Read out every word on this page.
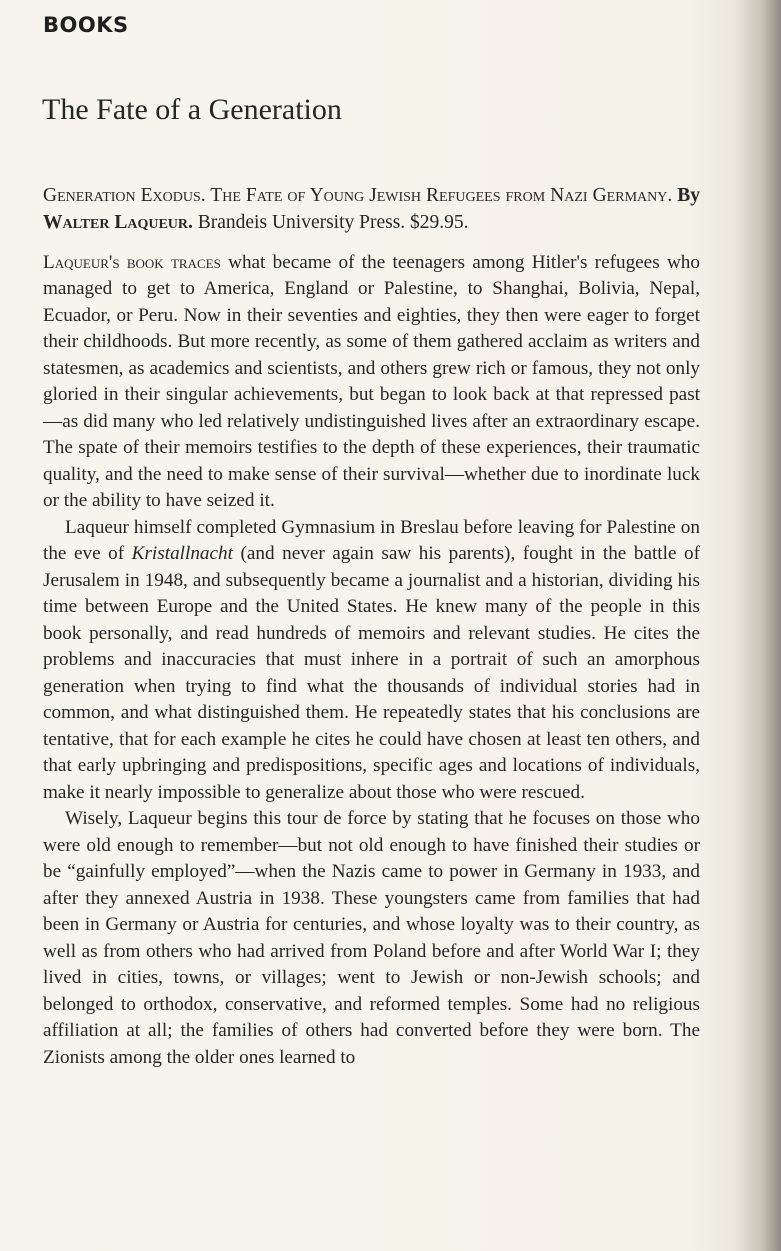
BOOKS
The Fate of a Generation

Generation Exodus. The Fate of Young Jewish Refugees from Nazi Germany. By Walter Laqueur. Brandeis University Press. $29.95.

Laqueur's book traces what became of the teenagers among Hitler's refugees who managed to get to America, England or Palestine, to Shanghai, Bolivia, Nepal, Ecuador, or Peru. Now in their seventies and eighties, they then were eager to forget their childhoods. But more recently, as some of them gathered acclaim as writers and statesmen, as academics and scientists, and others grew rich or famous, they not only gloried in their singular achievements, but began to look back at that repressed past—as did many who led relatively undistinguished lives after an extraordinary escape. The spate of their memoirs testifies to the depth of these experiences, their traumatic quality, and the need to make sense of their survival—whether due to inordinate luck or the ability to have seized it.

Laqueur himself completed Gymnasium in Breslau before leaving for Palestine on the eve of Kristallnacht (and never again saw his parents), fought in the battle of Jerusalem in 1948, and subsequently became a journalist and a historian, dividing his time between Europe and the United States. He knew many of the people in this book personally, and read hundreds of memoirs and relevant studies. He cites the problems and inaccuracies that must inhere in a portrait of such an amorphous generation when trying to find what the thousands of individual stories had in common, and what distinguished them. He repeatedly states that his conclusions are tentative, that for each example he cites he could have chosen at least ten others, and that early upbringing and predispositions, specific ages and locations of individuals, make it nearly impossible to generalize about those who were rescued.

Wisely, Laqueur begins this tour de force by stating that he focuses on those who were old enough to remember—but not old enough to have finished their studies or be “gainfully employed”—when the Nazis came to power in Germany in 1933, and after they annexed Austria in 1938. These youngsters came from families that had been in Germany or Austria for centuries, and whose loyalty was to their country, as well as from others who had arrived from Poland before and after World War I; they lived in cities, towns, or villages; went to Jewish or non-Jewish schools; and belonged to orthodox, conservative, and reformed temples. Some had no religious affiliation at all; the families of others had converted before they were born. The Zionists among the older ones learned to
